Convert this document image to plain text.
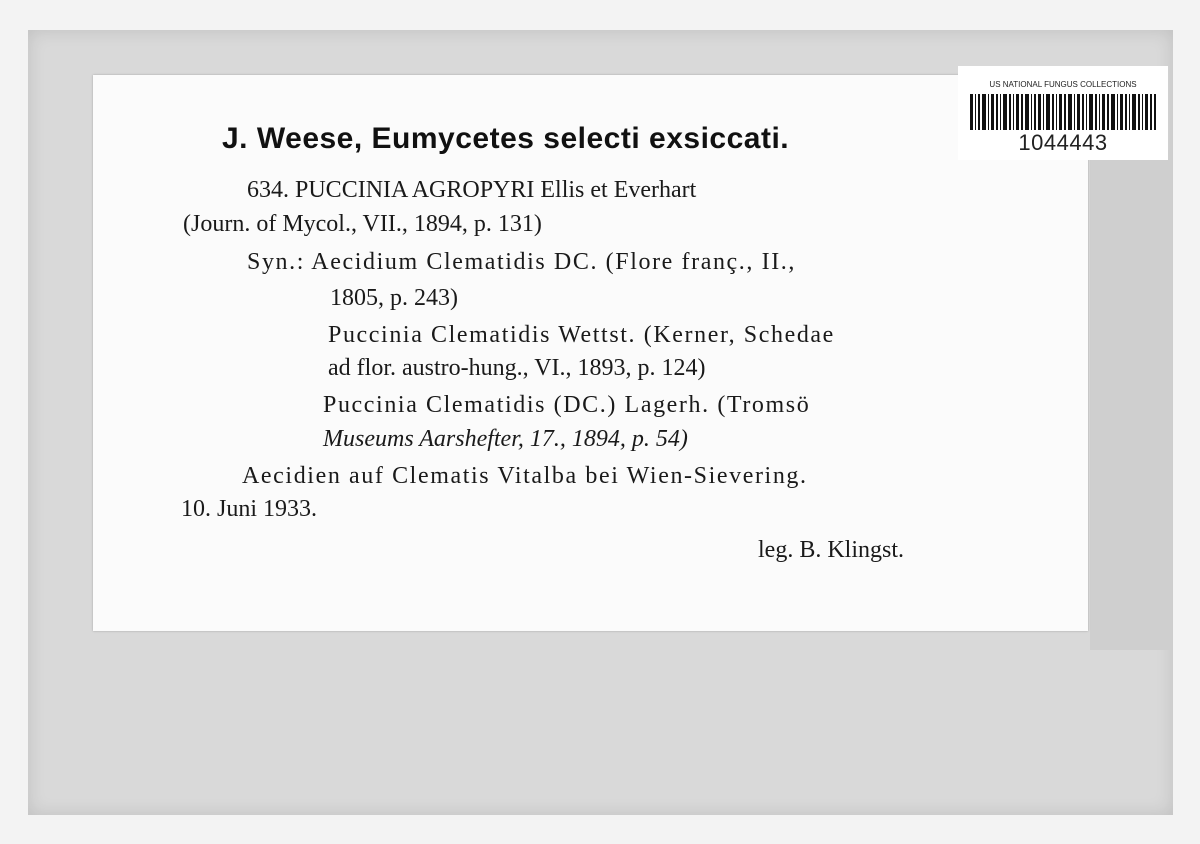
US NATIONAL FUNGUS COLLECTIONS
1044443
J. Weese, Eumycetes selecti exsiccati.
634. PUCCINIA AGROPYRI Ellis et Everhart
(Journ. of Mycol., VII., 1894, p. 131)
Syn.: Aecidium Clematidis DC. (Flore franç., II.,
1805, p. 243)
Puccinia Clematidis Wettst. (Kerner, Schedae
ad flor. austro-hung., VI., 1893, p. 124)
Puccinia Clematidis (DC.) Lagerh. (Tromsö
Museums Aarshefter, 17., 1894, p. 54)
Aecidien auf Clematis Vitalba bei Wien-Sievering.
10. Juni 1933.
leg. B. Klingst.
